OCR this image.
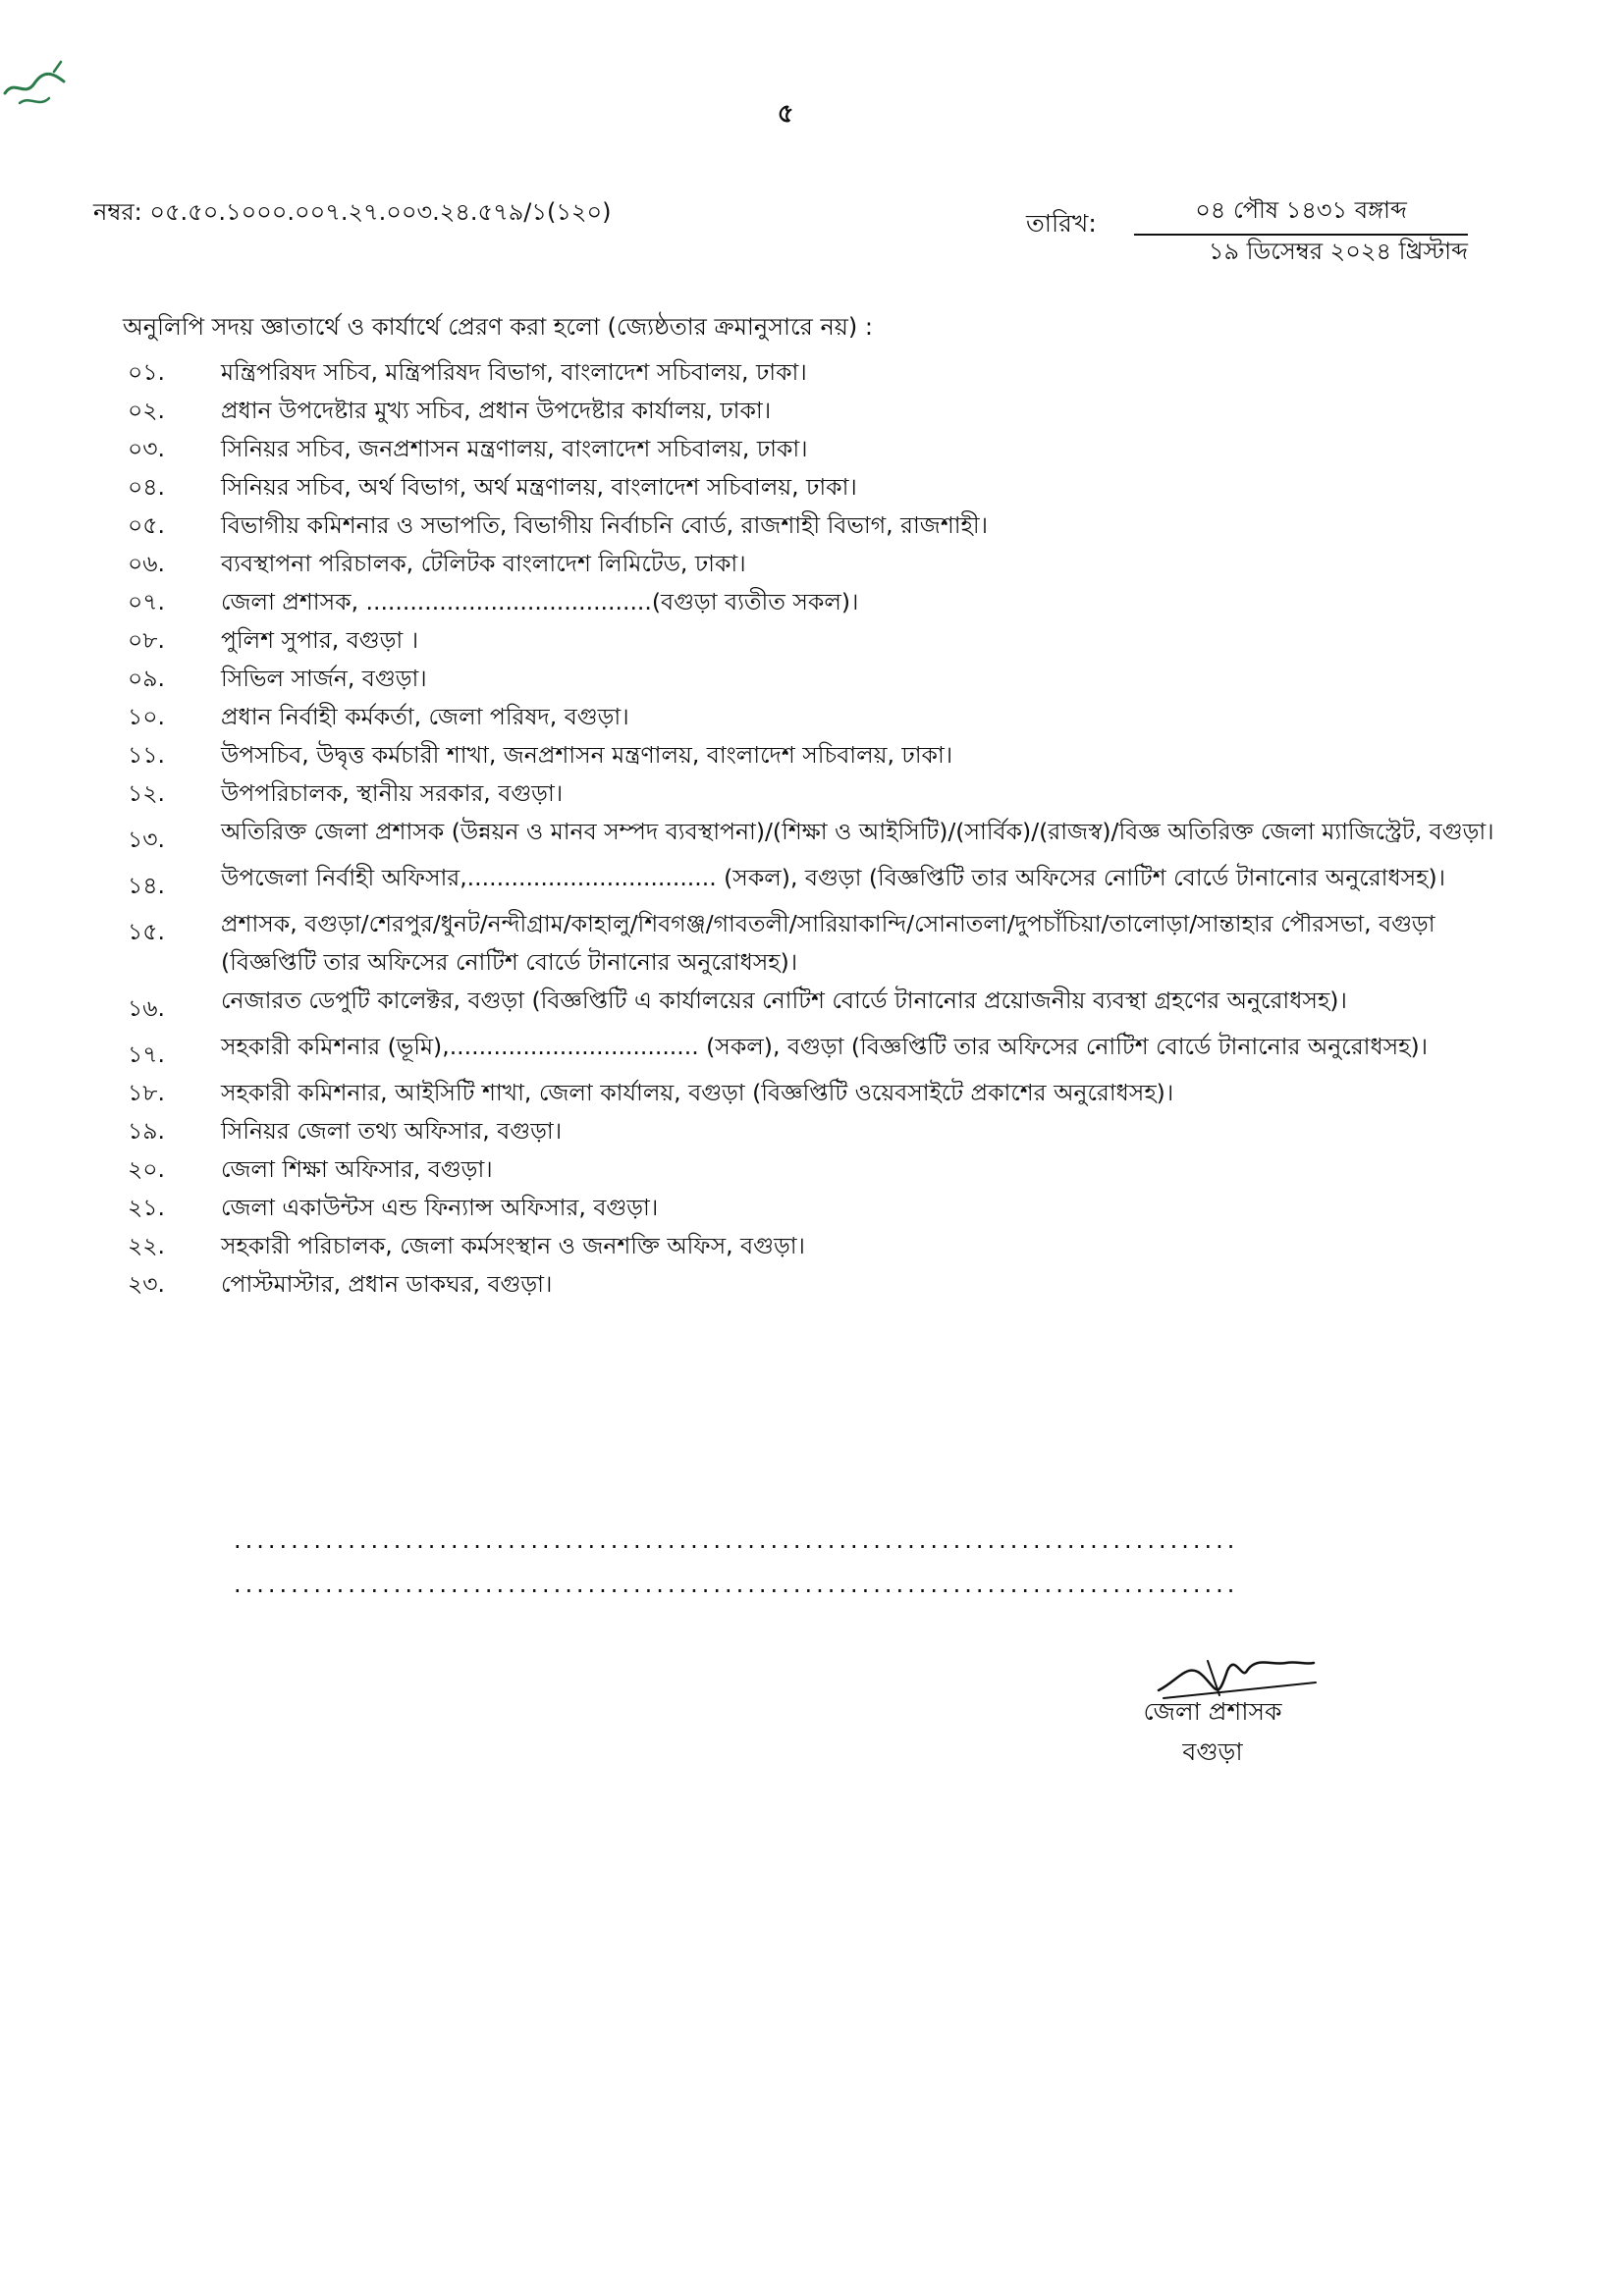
৫
নম্বর: ০৫.৫০.১০০০.০০৭.২৭.০০৩.২৪.৫৭৯/১(১২০)	তারিখ:	০৪ পৌষ ১৪৩১ বঙ্গাব্দ
১৯ ডিসেম্বর ২০২৪ খ্রিস্টাব্দ
অনুলিপি সদয় জ্ঞাতার্থে ও কার্যার্থে প্রেরণ করা হলো (জ্যেষ্ঠতার ক্রমানুসারে নয়) :
০১.	মন্ত্রিপরিষদ সচিব, মন্ত্রিপরিষদ বিভাগ, বাংলাদেশ সচিবালয়, ঢাকা।
০২.	প্রধান উপদেষ্টার মুখ্য সচিব, প্রধান উপদেষ্টার কার্যালয়, ঢাকা।
০৩.	সিনিয়র সচিব, জনপ্রশাসন মন্ত্রণালয়, বাংলাদেশ সচিবালয়, ঢাকা।
০৪.	সিনিয়র সচিব, অর্থ বিভাগ, অর্থ মন্ত্রণালয়, বাংলাদেশ সচিবালয়, ঢাকা।
০৫.	বিভাগীয় কমিশনার ও সভাপতি, বিভাগীয় নির্বাচনি বোর্ড, রাজশাহী বিভাগ, রাজশাহী।
০৬.	ব্যবস্থাপনা পরিচালক, টেলিটক বাংলাদেশ লিমিটেড, ঢাকা।
০৭.	জেলা প্রশাসক, .......................................(বগুড়া ব্যতীত সকল)।
০৮.	পুলিশ সুপার, বগুড়া ।
০৯.	সিভিল সার্জন, বগুড়া।
১০.	প্রধান নির্বাহী কর্মকর্তা, জেলা পরিষদ, বগুড়া।
১১.	উপসচিব, উদ্বৃত্ত কর্মচারী শাখা, জনপ্রশাসন মন্ত্রণালয়, বাংলাদেশ সচিবালয়, ঢাকা।
১২.	উপপরিচালক, স্থানীয় সরকার, বগুড়া।
১৩.	অতিরিক্ত জেলা প্রশাসক (উন্নয়ন ও মানব সম্পদ ব্যবস্থাপনা)/(শিক্ষা ও আইসিটি)/(সার্বিক)/(রাজস্ব)/বিজ্ঞ অতিরিক্ত জেলা ম্যাজিস্ট্রেট, বগুড়া।
১৪.	উপজেলা নির্বাহী অফিসার,.................................. (সকল), বগুড়া (বিজ্ঞপ্তিটি তার অফিসের নোটিশ বোর্ডে টানানোর অনুরোধসহ)।
১৫.	প্রশাসক, বগুড়া/শেরপুর/ধুনট/নন্দীগ্রাম/কাহালু/শিবগঞ্জ/গাবতলী/সারিয়াকান্দি/সোনাতলা/দুপচাঁচিয়া/তালোড়া/সান্তাহার পৌরসভা, বগুড়া (বিজ্ঞপ্তিটি তার অফিসের নোটিশ বোর্ডে টানানোর অনুরোধসহ)।
১৬.	নেজারত ডেপুটি কালেক্টর, বগুড়া (বিজ্ঞপ্তিটি এ কার্যালয়ের নোটিশ বোর্ডে টানানোর প্রয়োজনীয় ব্যবস্থা গ্রহণের অনুরোধসহ)।
১৭.	সহকারী কমিশনার (ভূমি),.................................. (সকল), বগুড়া (বিজ্ঞপ্তিটি তার অফিসের নোটিশ বোর্ডে টানানোর অনুরোধসহ)।
১৮.	সহকারী কমিশনার, আইসিটি শাখা, জেলা কার্যালয়, বগুড়া (বিজ্ঞপ্তিটি ওয়েবসাইটে প্রকাশের অনুরোধসহ)।
১৯.	সিনিয়র জেলা তথ্য অফিসার, বগুড়া।
২০.	জেলা শিক্ষা অফিসার, বগুড়া।
২১.	জেলা একাউন্টস এন্ড ফিন্যান্স অফিসার, বগুড়া।
২২.	সহকারী পরিচালক, জেলা কর্মসংস্থান ও জনশক্তি অফিস, বগুড়া।
২৩.	পোস্টমাস্টার, প্রধান ডাকঘর, বগুড়া।
........................................................................................
........................................................................................
জেলা প্রশাসক
বগুড়া
